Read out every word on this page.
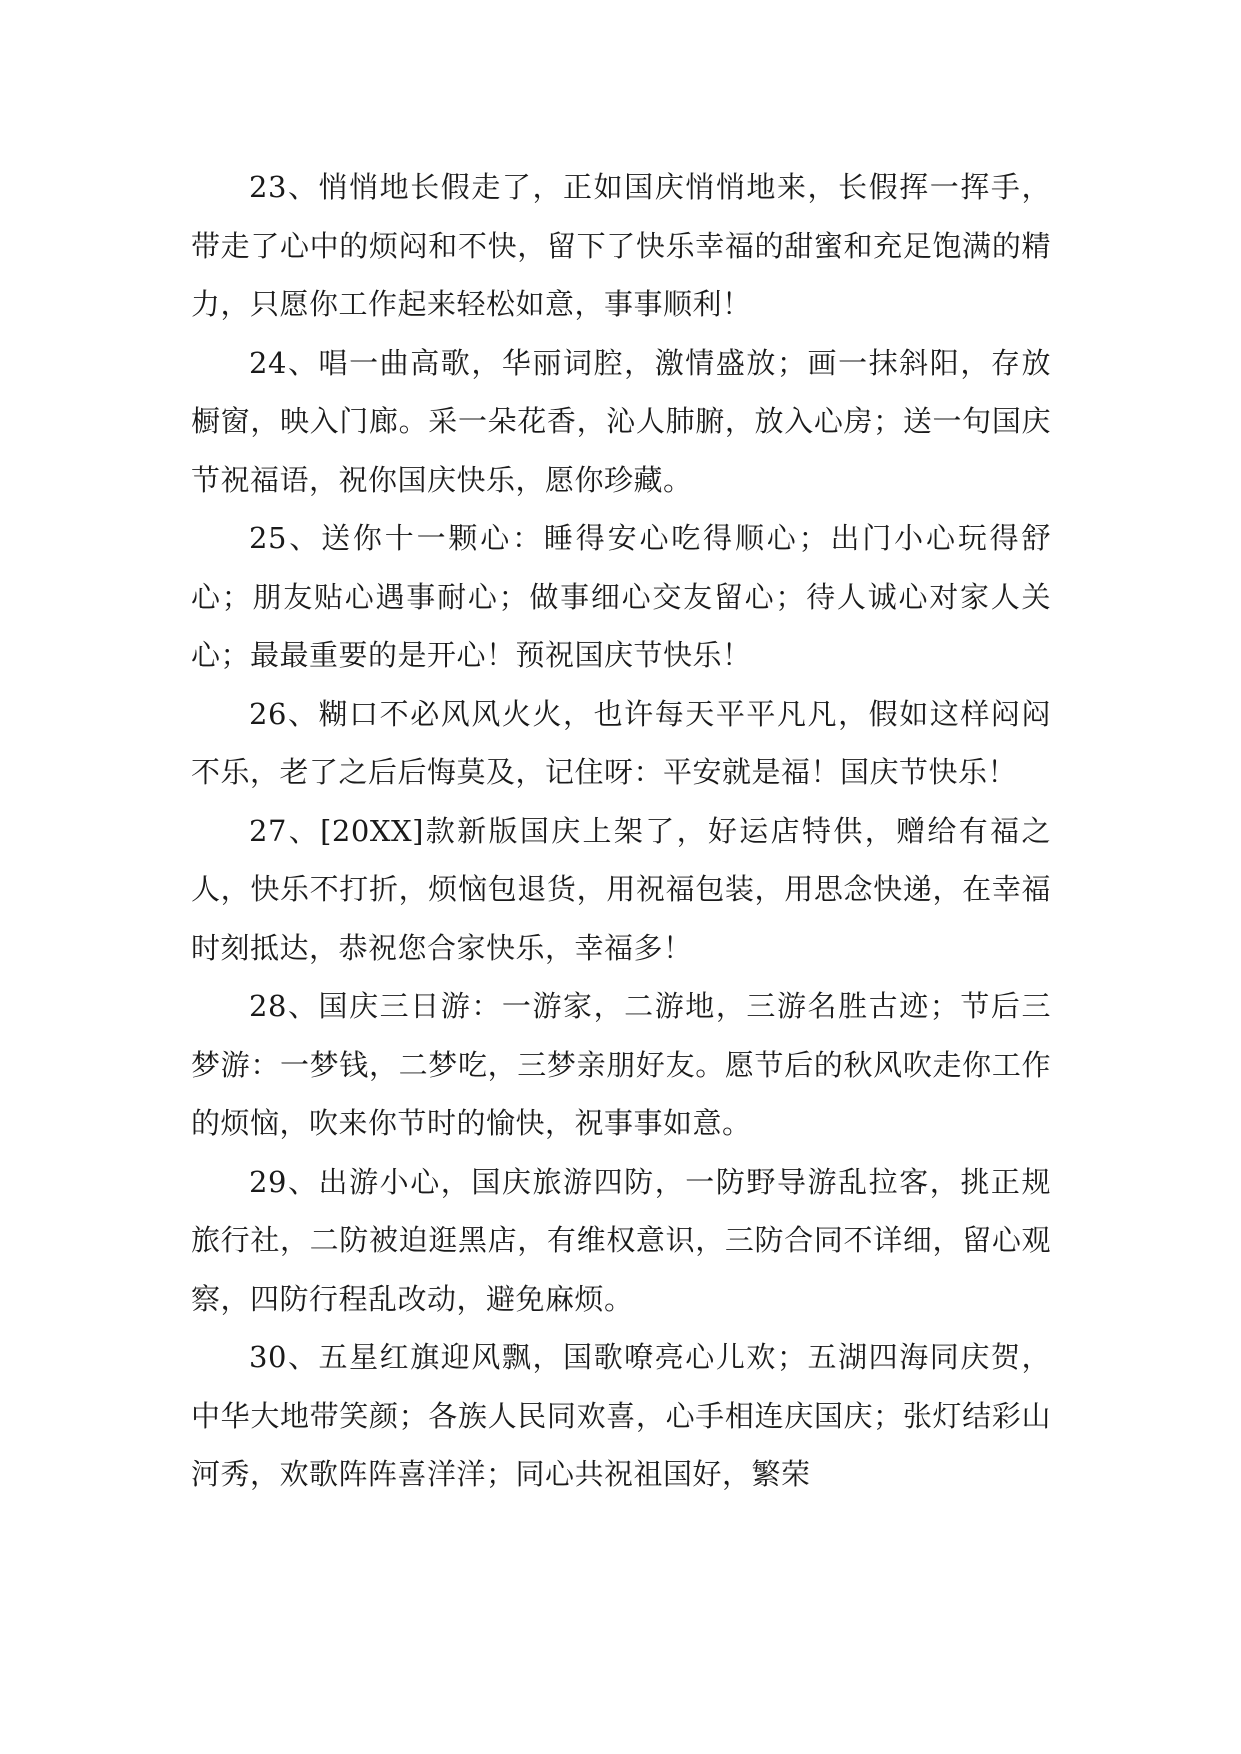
23、悄悄地长假走了，正如国庆悄悄地来，长假挥一挥手，带走了心中的烦闷和不快，留下了快乐幸福的甜蜜和充足饱满的精力，只愿你工作起来轻松如意，事事顺利！

24、唱一曲高歌，华丽词腔，激情盛放；画一抹斜阳，存放橱窗，映入门廊。采一朵花香，沁人肺腑，放入心房；送一句国庆节祝福语，祝你国庆快乐，愿你珍藏。

25、送你十一颗心：睡得安心吃得顺心；出门小心玩得舒心；朋友贴心遇事耐心；做事细心交友留心；待人诚心对家人关心；最最重要的是开心！预祝国庆节快乐！

26、糊口不必风风火火，也许每天平平凡凡，假如这样闷闷不乐，老了之后后悔莫及，记住呀：平安就是福！国庆节快乐！

27、[20XX]款新版国庆上架了，好运店特供，赠给有福之人，快乐不打折，烦恼包退货，用祝福包装，用思念快递，在幸福时刻抵达，恭祝您合家快乐，幸福多！

28、国庆三日游：一游家，二游地，三游名胜古迹；节后三梦游：一梦钱，二梦吃，三梦亲朋好友。愿节后的秋风吹走你工作的烦恼，吹来你节时的愉快，祝事事如意。

29、出游小心，国庆旅游四防，一防野导游乱拉客，挑正规旅行社，二防被迫逛黑店，有维权意识，三防合同不详细，留心观察，四防行程乱改动，避免麻烦。

30、五星红旗迎风飘，国歌嘹亮心儿欢；五湖四海同庆贺，中华大地带笑颜；各族人民同欢喜，心手相连庆国庆；张灯结彩山河秀，欢歌阵阵喜洋洋；同心共祝祖国好，繁荣
